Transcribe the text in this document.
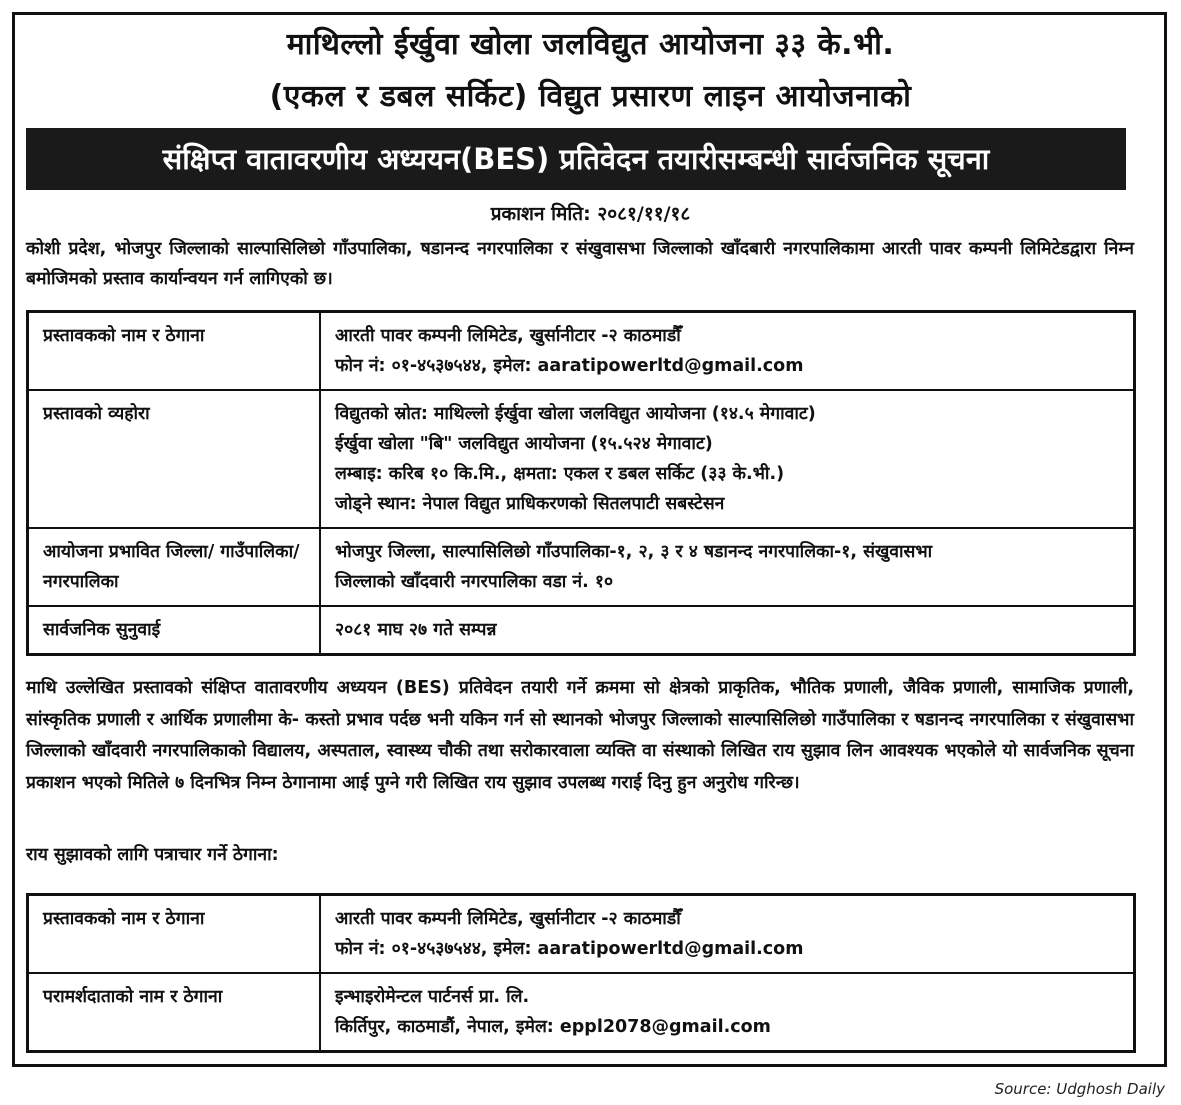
माथिल्लो ईर्खुवा खोला जलविद्युत आयोजना ३३ के.भी.
(एकल र डबल सर्किट) विद्युत प्रसारण लाइन आयोजनाको
संक्षिप्त वातावरणीय अध्ययन(BES) प्रतिवेदन तयारीसम्बन्धी सार्वजनिक सूचना
प्रकाशन मिति: २०८१/११/१८
कोशी प्रदेश, भोजपुर जिल्लाको साल्पासिलिछो गाँउपालिका, षडानन्द नगरपालिका र संखुवासभा जिल्लाको खाँदबारी नगरपालिकामा आरती पावर कम्पनी लिमिटेडद्वारा निम्न बमोजिमको प्रस्ताव कार्यान्वयन गर्न लागिएको छ।
प्रस्तावकको नाम र ठेगाना	आरती पावर कम्पनी लिमिटेड, खुर्सानीटार -२ काठमाडौँ
फोन नं: ०१-४५३७५४४, इमेल: aaratipowerltd@gmail.com

प्रस्तावको व्यहोरा	विद्युतको स्रोत: माथिल्लो ईर्खुवा खोला जलविद्युत आयोजना (१४.५ मेगावाट)
ईर्खुवा खोला "बि" जलविद्युत आयोजना (१५.५२४ मेगावाट)
लम्बाइ: करिब १० कि.मि., क्षमता: एकल र डबल सर्किट (३३ के.भी.)
जोड्ने स्थान: नेपाल विद्युत प्राधिकरणको सितलपाटी सबस्टेसन

आयोजना प्रभावित जिल्ला/ गाउँपालिका/नगरपालिका	भोजपुर जिल्ला, साल्पासिलिछो गाँउपालिका-१, २, ३ र ४ षडानन्द नगरपालिका-१, संखुवासभा
जिल्लाको खाँदवारी नगरपालिका वडा नं. १०

सार्वजनिक सुनुवाई	२०८१ माघ २७ गते सम्पन्न
माथि उल्लेखित प्रस्तावको संक्षिप्त वातावरणीय अध्ययन (BES) प्रतिवेदन तयारी गर्ने क्रममा सो क्षेत्रको प्राकृतिक, भौतिक प्रणाली, जैविक प्रणाली, सामाजिक प्रणाली, सांस्कृतिक प्रणाली र आर्थिक प्रणालीमा के- कस्तो प्रभाव पर्दछ भनी यकिन गर्न सो स्थानको भोजपुर जिल्लाको साल्पासिलिछो गाउँपालिका र षडानन्द नगरपालिका र संखुवासभा जिल्लाको खाँदवारी नगरपालिकाको विद्यालय, अस्पताल, स्वास्थ्य चौकी तथा सरोकारवाला व्यक्ति वा संस्थाको लिखित राय सुझाव लिन आवश्यक भएकोले यो सार्वजनिक सूचना प्रकाशन भएको मितिले ७ दिनभित्र निम्न ठेगानामा आई पुग्ने गरी लिखित राय सुझाव उपलब्ध गराई दिनु हुन अनुरोध गरिन्छ।
राय सुझावको लागि पत्राचार गर्ने ठेगाना:
प्रस्तावकको नाम र ठेगाना	आरती पावर कम्पनी लिमिटेड, खुर्सानीटार -२ काठमाडौँ
फोन नं: ०१-४५३७५४४, इमेल: aaratipowerltd@gmail.com

परामर्शदाताको नाम र ठेगाना	इन्भाइरोमेन्टल पार्टनर्स प्रा. लि.
किर्तिपुर, काठमाडौं, नेपाल, इमेल: eppl2078@gmail.com
Source: Udghosh Daily
